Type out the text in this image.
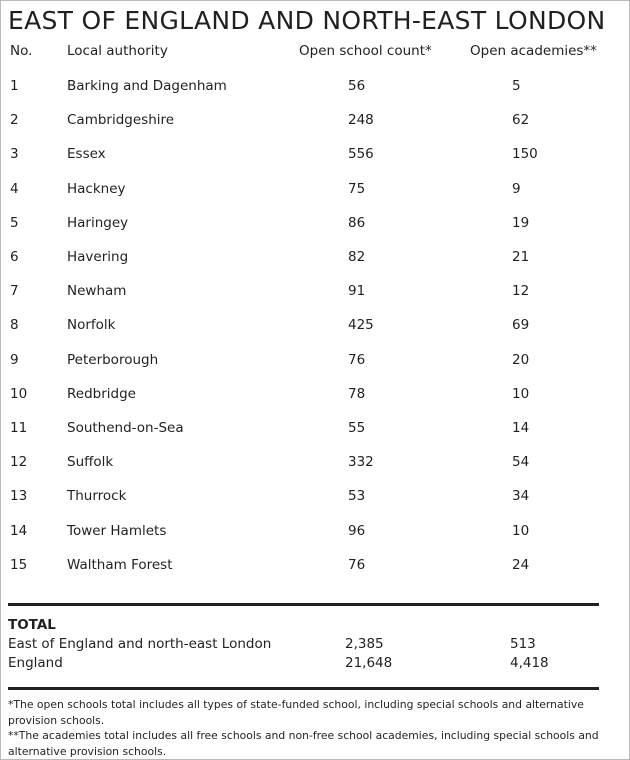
EAST OF ENGLAND AND NORTH-EAST LONDON
No.	Local authority	Open school count*	Open academies**
1	Barking and Dagenham	56	5
2	Cambridgeshire	248	62
3	Essex	556	150
4	Hackney	75	9
5	Haringey	86	19
6	Havering	82	21
7	Newham	91	12
8	Norfolk	425	69
9	Peterborough	76	20
10	Redbridge	78	10
11	Southend-on-Sea	55	14
12	Suffolk	332	54
13	Thurrock	53	34
14	Tower Hamlets	96	10
15	Waltham Forest	76	24
TOTAL
East of England and north-east London	2,385	513
England	21,648	4,418

*The open schools total includes all types of state-funded school, including special schools and alternative provision schools.

**The academies total includes all free schools and non-free school academies, including special schools and alternative provision schools.
